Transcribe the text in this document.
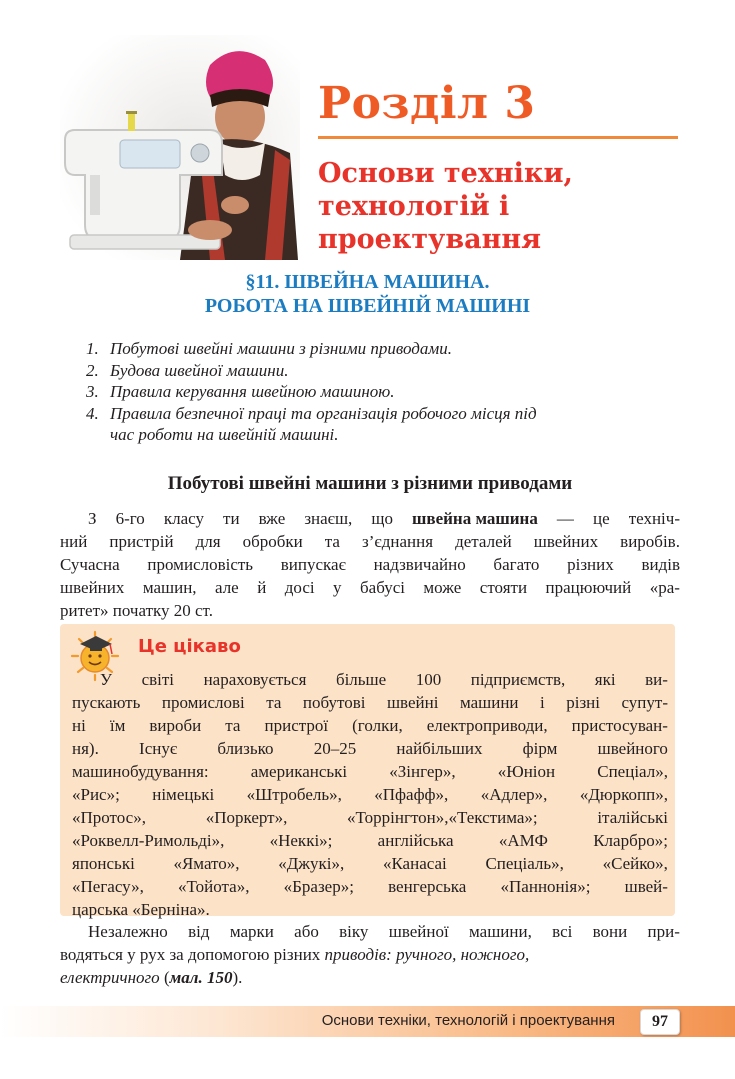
Розділ 3
Основи техніки,
технологій і
проектування
§11. ШВЕЙНА МАШИНА.
РОБОТА НА ШВЕЙНІЙ МАШИНІ
1. Побутові швейні машини з різними приводами.
2. Будова швейної машини.
3. Правила керування швейною машиною.
4. Правила безпечної праці та організація робочого місця під
час роботи на швейній машині.
Побутові швейні машини з різними приводами
З 6-го класу ти вже знаєш, що швейна машина — це техніч-
ний пристрій для обробки та з’єднання деталей швейних виробів.
Сучасна промисловість випускає надзвичайно багато різних видів
швейних машин, але й досі у бабусі може стояти працюючий «ра-
ритет» початку 20 ст.
Це цікаво
У світі нараховується більше 100 підприємств, які ви-
пускають промислові та побутові швейні машини і різні супут-
ні їм вироби та пристрої (голки, електроприводи, пристосуван-
ня). Існує близько 20–25 найбільших фірм швейного
машинобудування: американські «Зінгер», «Юніон Спеціал»,
«Рис»; німецькі «Штробель», «Пфафф», «Адлер», «Дюркопп»,
«Протос»,	«Поркерт»,	«Торрінгтон»,«Текстима»;	італійські
«Роквелл-Римольді»,	«Неккі»;	англійська	«АМФ	Кларбро»;
японські «Ямато», «Джукі», «Канасаі Спеціаль», «Сейко»,
«Пегасу», «Тойота», «Бразер»; венгерська «Паннонія»; швей-
царська «Берніна».
Незалежно від марки або віку швейної машини, всі вони при-
водяться у рух за допомогою різних приводів: ручного, ножного,
електричного (мал. 150).
Основи техніки, технологій і проектування	97
